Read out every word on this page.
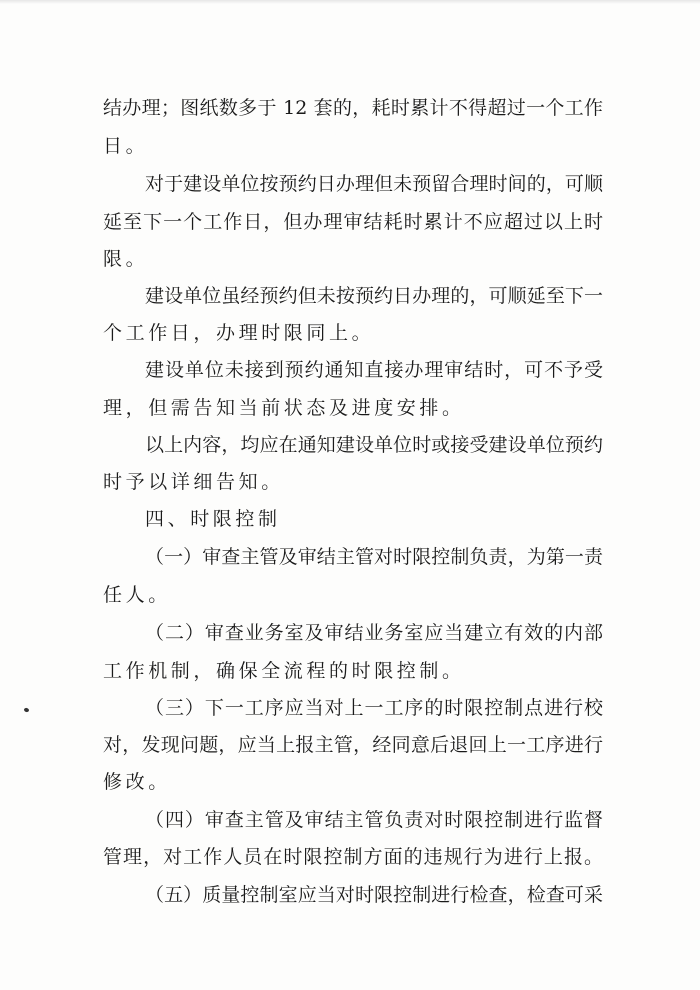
结办理；图纸数多于 12 套的，耗时累计不得超过一个工作
日。
对于建设单位按预约日办理但未预留合理时间的，可顺
延至下一个工作日，但办理审结耗时累计不应超过以上时
限。
建设单位虽经预约但未按预约日办理的，可顺延至下一
个工作日，办理时限同上。
建设单位未接到预约通知直接办理审结时，可不予受
理，但需告知当前状态及进度安排。
以上内容，均应在通知建设单位时或接受建设单位预约
时予以详细告知。
四、时限控制
（一）审查主管及审结主管对时限控制负责，为第一责
任人。
（二）审查业务室及审结业务室应当建立有效的内部
工作机制，确保全流程的时限控制。
（三）下一工序应当对上一工序的时限控制点进行校
对，发现问题，应当上报主管，经同意后退回上一工序进行
修改。
（四）审查主管及审结主管负责对时限控制进行监督
管理，对工作人员在时限控制方面的违规行为进行上报。
（五）质量控制室应当对时限控制进行检查，检查可采
